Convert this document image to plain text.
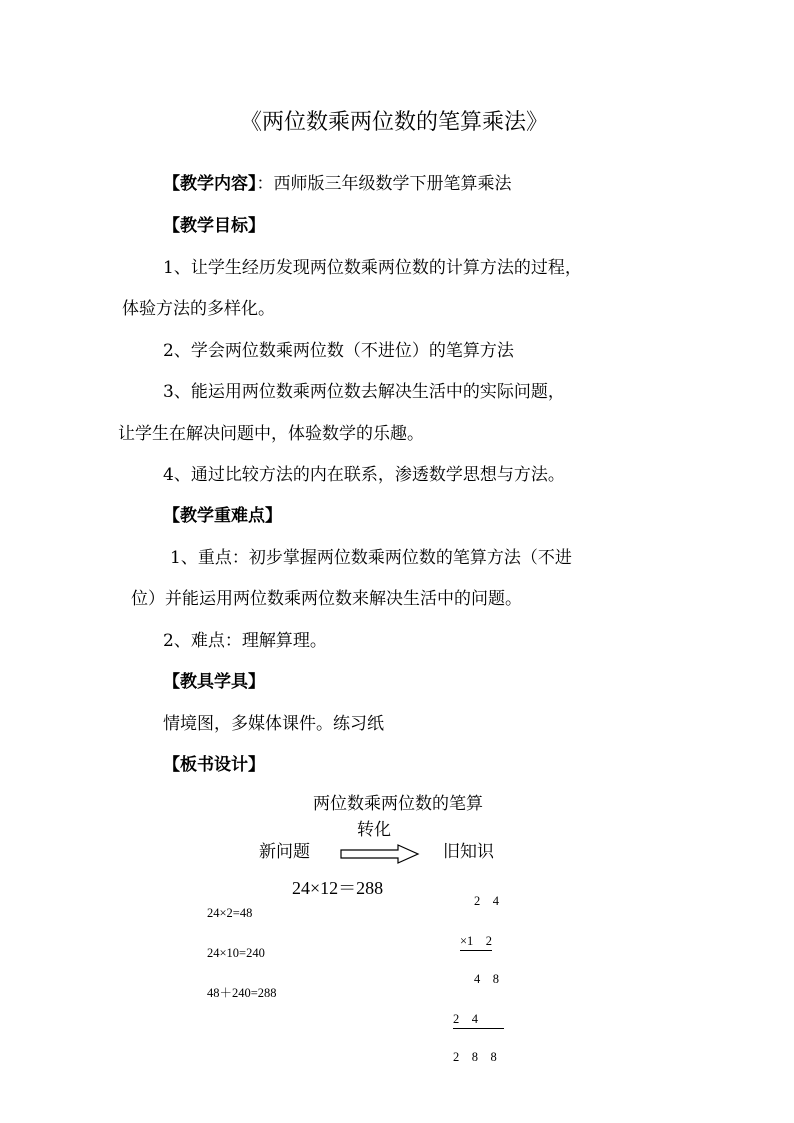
《两位数乘两位数的笔算乘法》
【教学内容】：西师版三年级数学下册笔算乘法
【教学目标】
1、让学生经历发现两位数乘两位数的计算方法的过程，
体验方法的多样化。
2、学会两位数乘两位数（不进位）的笔算方法
3、能运用两位数乘两位数去解决生活中的实际问题，
让学生在解决问题中，体验数学的乐趣。
4、通过比较方法的内在联系，渗透数学思想与方法。
【教学重难点】
1、重点：初步掌握两位数乘两位数的笔算方法（不进
位）并能运用两位数乘两位数来解决生活中的问题。
2、难点：理解算理。
【教具学具】
情境图，多媒体课件。练习纸
【板书设计】
两位数乘两位数的笔算
转化
新问题	旧知识
24×12＝288
24×2=48
24×10=240
48＋240=288
2　4
×1　2
4　8
2　4
2　8　8
